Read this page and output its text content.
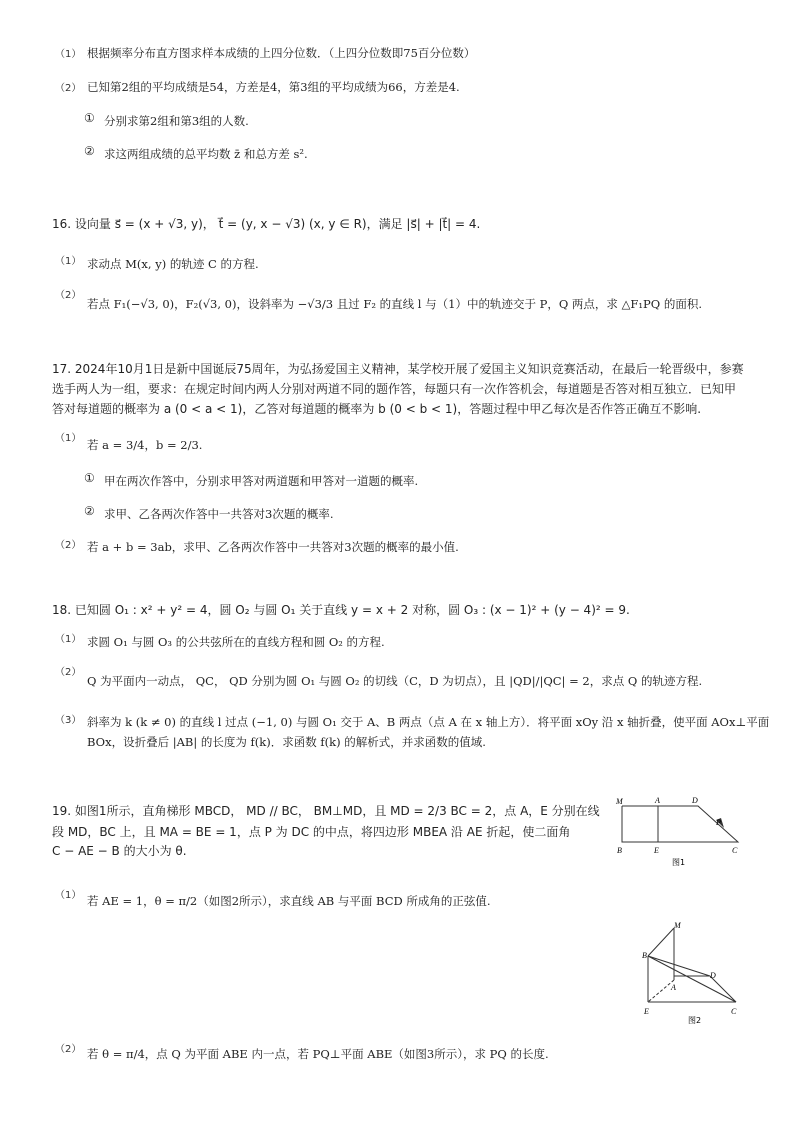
（1） 根据频率分布直方图求样本成绩的上四分位数．（上四分位数即75百分位数）
（2） 已知第2组的平均成绩是54，方差是4，第3组的平均成绩为66，方差是4.
① 分别求第2组和第3组的人数.
② 求这两组成绩的总平均数 z̄ 和总方差 s².
16. 设向量 s⃗ = (x + √3, y)， t⃗ = (y, x − √3) (x, y ∈ R)，满足 |s⃗| + |t⃗| = 4.
（1） 求动点 M(x, y) 的轨迹 C 的方程.
（2）
若点 F₁(−√3, 0)，F₂(√3, 0)，设斜率为 −√3/3 且过 F₂ 的直线 l 与（1）中的轨迹交于 P，Q 两点，求 △F₁PQ 的面积.
17. 2024年10月1日是新中国诞辰75周年，为弘扬爱国主义精神，某学校开展了爱国主义知识竞赛活动，在最后一轮晋级中，参赛
选手两人为一组，要求：在规定时间内两人分别对两道不同的题作答，每题只有一次作答机会，每道题是否答对相互独立．已知甲
答对每道题的概率为 a (0 < a < 1)，乙答对每道题的概率为 b (0 < b < 1)，答题过程中甲乙每次是否作答正确互不影响.
（1） 若 a = 3/4，b = 2/3.
① 甲在两次作答中，分别求甲答对两道题和甲答对一道题的概率.
② 求甲、乙各两次作答中一共答对3次题的概率.
（2） 若 a + b = 3ab，求甲、乙各两次作答中一共答对3次题的概率的最小值.
18. 已知圆 O₁ : x² + y² = 4，圆 O₂ 与圆 O₁ 关于直线 y = x + 2 对称，圆 O₃ : (x − 1)² + (y − 4)² = 9.
（1） 求圆 O₁ 与圆 O₃ 的公共弦所在的直线方程和圆 O₂ 的方程.
（2）
Q 为平面内一动点， QC， QD 分别为圆 O₁ 与圆 O₂ 的切线（C，D 为切点），且 |QD|/|QC| = 2，求点 Q 的轨迹方程.
（3） 斜率为 k (k ≠ 0) 的直线 l 过点 (−1, 0) 与圆 O₁ 交于 A、B 两点（点 A 在 x 轴上方）．将平面 xOy 沿 x 轴折叠，使平面 AOx⊥平面
BOx，设折叠后 |AB| 的长度为 f(k)．求函数 f(k) 的解析式，并求函数的值域.
19. 如图1所示，直角梯形 MBCD， MD // BC， BM⊥MD，且 MD = 2/3 BC = 2，点 A，E 分别在线
段 MD，BC 上，且 MA = BE = 1，点 P 为 DC 的中点，将四边形 MBEA 沿 AE 折起，使二面角
C − AE − B 的大小为 θ.
（1） 若 AE = 1，θ = π/2（如图2所示），求直线 AB 与平面 BCD 所成角的正弦值.
（2） 若 θ = π/4，点 Q 为平面 ABE 内一点，若 PQ⊥平面 ABE（如图3所示），求 PQ 的长度.
M	A	D
P
B	E	C
图1
M
B
D
A
E	C
图2
